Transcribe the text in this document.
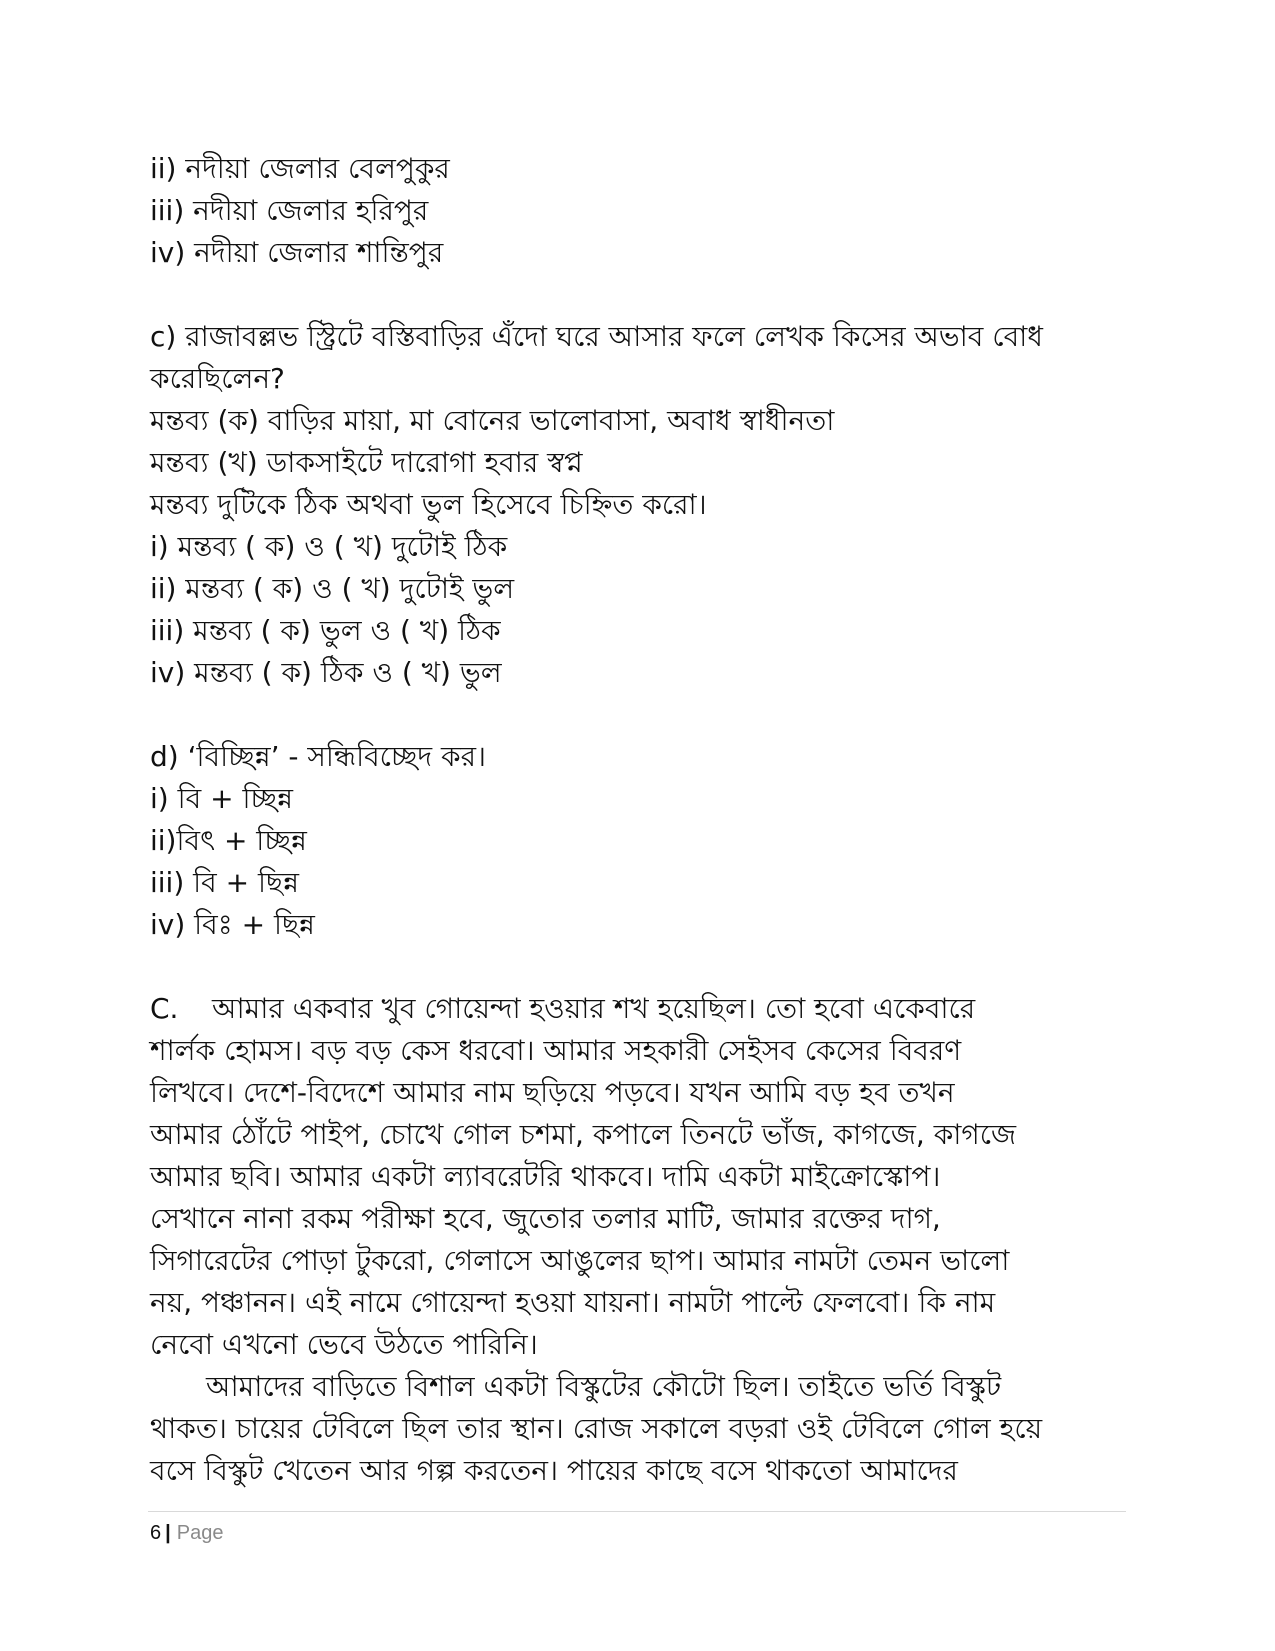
ii) নদীয়া জেলার বেলপুকুর

iii) নদীয়া জেলার হরিপুর

iv) নদীয়া জেলার শান্তিপুর

c) রাজাবল্লভ স্ট্রিটে বস্তিবাড়ির এঁদো ঘরে আসার ফলে লেখক কিসের অভাব বোধ

করেছিলেন?

মন্তব্য (ক) বাড়ির মায়া, মা বোনের ভালোবাসা, অবাধ স্বাধীনতা

মন্তব্য (খ) ডাকসাইটে দারোগা হবার স্বপ্ন

মন্তব্য দুটিকে ঠিক অথবা ভুল হিসেবে চিহ্নিত করো।

i) মন্তব্য ( ক) ও ( খ) দুটোই ঠিক

ii) মন্তব্য ( ক) ও ( খ) দুটোই ভুল

iii) মন্তব্য ( ক) ভুল ও ( খ) ঠিক

iv) মন্তব্য ( ক) ঠিক ও ( খ) ভুল

d) ‘বিচ্ছিন্ন’ - সন্ধিবিচ্ছেদ কর।

i) বি + চ্ছিন্ন

ii)বিৎ + চ্ছিন্ন

iii) বি + ছিন্ন

iv) বিঃ + ছিন্ন

C. আমার একবার খুব গোয়েন্দা হওয়ার শখ হয়েছিল। তো হবো একেবারে

শার্লক হোমস। বড় বড় কেস ধরবো। আমার সহকারী সেইসব কেসের বিবরণ

লিখবে। দেশে-বিদেশে আমার নাম ছড়িয়ে পড়বে। যখন আমি বড় হব তখন

আমার ঠোঁটে পাইপ, চোখে গোল চশমা, কপালে তিনটে ভাঁজ, কাগজে, কাগজে

আমার ছবি। আমার একটা ল্যাবরেটরি থাকবে। দামি একটা মাইক্রোস্কোপ।

সেখানে নানা রকম পরীক্ষা হবে, জুতোর তলার মাটি, জামার রক্তের দাগ,

সিগারেটের পোড়া টুকরো, গেলাসে আঙুলের ছাপ। আমার নামটা তেমন ভালো

নয়, পঞ্চানন। এই নামে গোয়েন্দা হওয়া যায়না। নামটা পাল্টে ফেলবো। কি নাম

নেবো এখনো ভেবে উঠতে পারিনি।

আমাদের বাড়িতে বিশাল একটা বিস্কুটের কৌটো ছিল। তাইতে ভর্তি বিস্কুট

থাকত। চায়ের টেবিলে ছিল তার স্থান। রোজ সকালে বড়রা ওই টেবিলে গোল হয়ে

বসে বিস্কুট খেতেন আর গল্প করতেন। পায়ের কাছে বসে থাকতো আমাদের

6 | Page
